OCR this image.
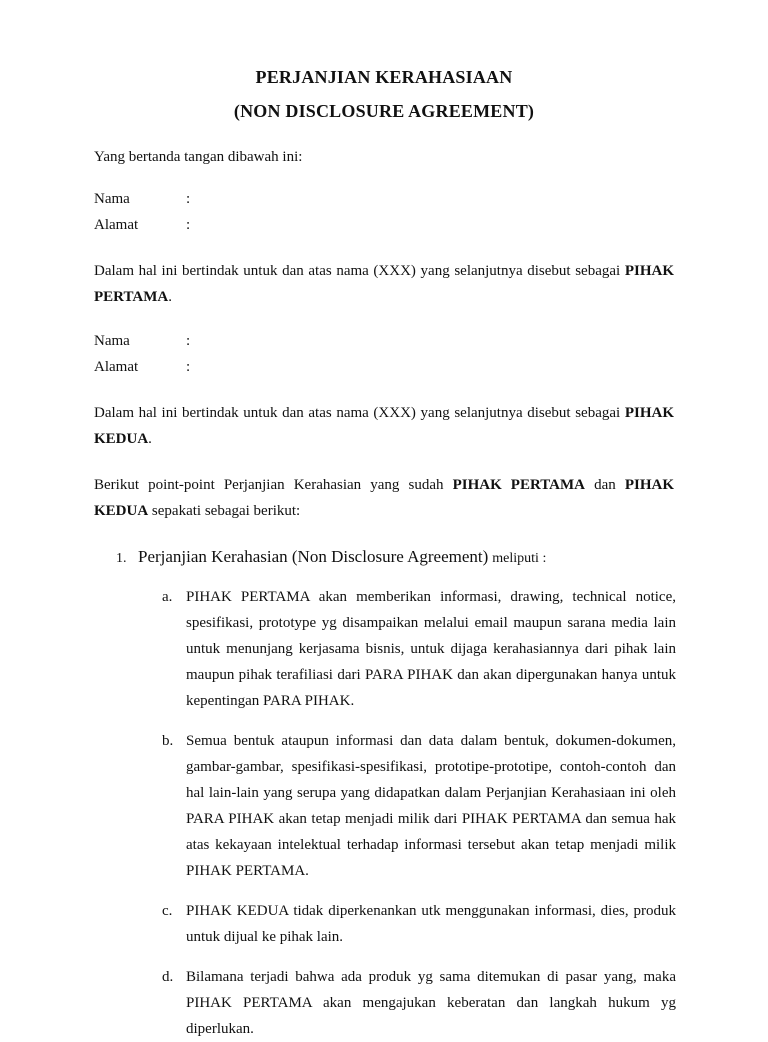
PERJANJIAN KERAHASIAAN
(NON DISCLOSURE AGREEMENT)
Yang bertanda tangan dibawah ini:
Nama	:
Alamat	:
Dalam hal ini bertindak untuk dan atas nama (XXX) yang selanjutnya disebut sebagai PIHAK PERTAMA.
Nama	:
Alamat	:
Dalam hal ini bertindak untuk dan atas nama (XXX) yang selanjutnya disebut sebagai PIHAK KEDUA.
Berikut point-point Perjanjian Kerahasian yang sudah PIHAK PERTAMA dan PIHAK KEDUA sepakati sebagai berikut:
1. Perjanjian Kerahasian (Non Disclosure Agreement) meliputi :
a. PIHAK PERTAMA akan memberikan informasi, drawing, technical notice, spesifikasi, prototype yg disampaikan melalui email maupun sarana media lain untuk menunjang kerjasama bisnis, untuk dijaga kerahasiannya dari pihak lain maupun pihak terafiliasi dari PARA PIHAK dan akan dipergunakan hanya untuk kepentingan PARA PIHAK.
b. Semua bentuk ataupun informasi dan data dalam bentuk, dokumen-dokumen, gambar-gambar, spesifikasi-spesifikasi, prototipe-prototipe, contoh-contoh dan hal lain-lain yang serupa yang didapatkan dalam Perjanjian Kerahasiaan ini oleh PARA PIHAK akan tetap menjadi milik dari PIHAK PERTAMA dan semua hak atas kekayaan intelektual terhadap informasi tersebut akan tetap menjadi milik PIHAK PERTAMA.
c. PIHAK KEDUA tidak diperkenankan utk menggunakan informasi, dies, produk untuk dijual ke pihak lain.
d. Bilamana terjadi bahwa ada produk yg sama ditemukan di pasar yang, maka PIHAK PERTAMA akan mengajukan keberatan dan langkah hukum yg diperlukan.
